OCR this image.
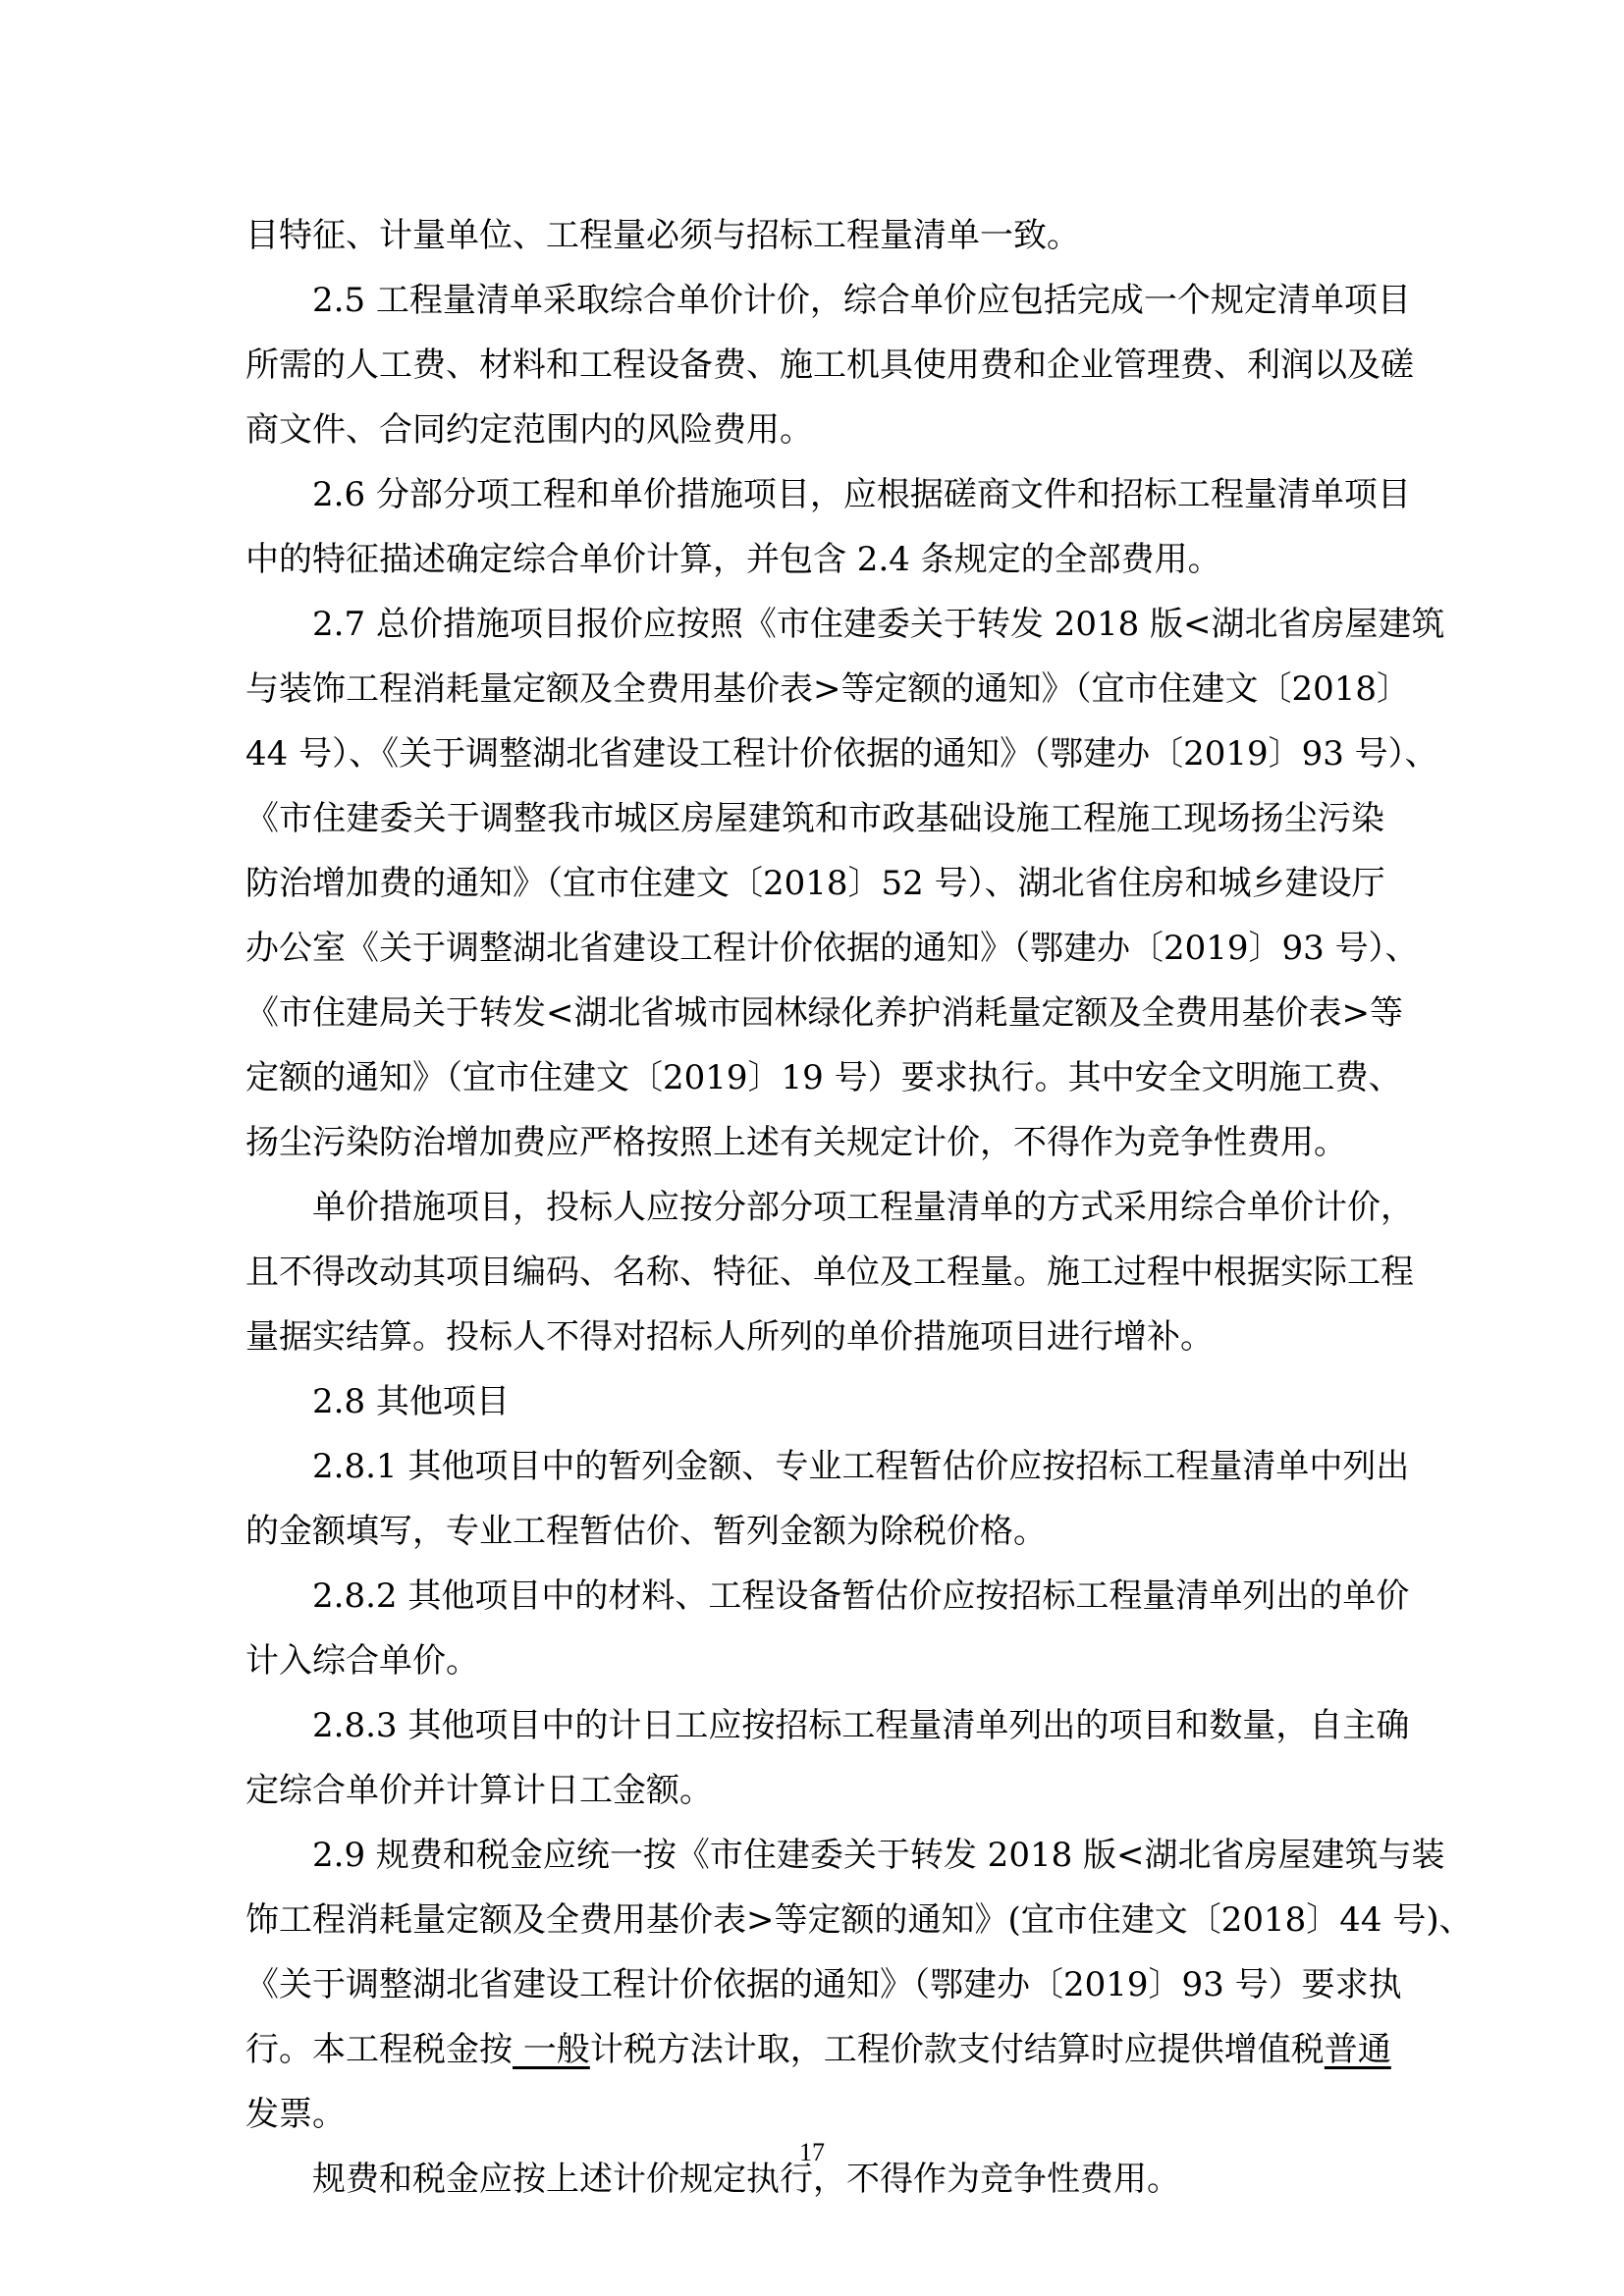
目特征、计量单位、工程量必须与招标工程量清单一致。
2.5 工程量清单采取综合单价计价，综合单价应包括完成一个规定清单项目
所需的人工费、材料和工程设备费、施工机具使用费和企业管理费、利润以及磋
商文件、合同约定范围内的风险费用。
2.6 分部分项工程和单价措施项目，应根据磋商文件和招标工程量清单项目
中的特征描述确定综合单价计算，并包含 2.4 条规定的全部费用。
2.7 总价措施项目报价应按照《市住建委关于转发 2018 版<湖北省房屋建筑
与装饰工程消耗量定额及全费用基价表>等定额的通知》（宜市住建文〔2018〕
44 号）、《关于调整湖北省建设工程计价依据的通知》（鄂建办〔2019〕93 号）、
《市住建委关于调整我市城区房屋建筑和市政基础设施工程施工现场扬尘污染
防治增加费的通知》（宜市住建文〔2018〕52 号）、湖北省住房和城乡建设厅
办公室《关于调整湖北省建设工程计价依据的通知》（鄂建办〔2019〕93 号）、
《市住建局关于转发<湖北省城市园林绿化养护消耗量定额及全费用基价表>等
定额的通知》（宜市住建文〔2019〕19 号）要求执行。其中安全文明施工费、
扬尘污染防治增加费应严格按照上述有关规定计价，不得作为竞争性费用。
单价措施项目，投标人应按分部分项工程量清单的方式采用综合单价计价，
且不得改动其项目编码、名称、特征、单位及工程量。施工过程中根据实际工程
量据实结算。投标人不得对招标人所列的单价措施项目进行增补。
2.8 其他项目
2.8.1 其他项目中的暂列金额、专业工程暂估价应按招标工程量清单中列出
的金额填写，专业工程暂估价、暂列金额为除税价格。
2.8.2 其他项目中的材料、工程设备暂估价应按招标工程量清单列出的单价
计入综合单价。
2.8.3 其他项目中的计日工应按招标工程量清单列出的项目和数量，自主确
定综合单价并计算计日工金额。
2.9 规费和税金应统一按《市住建委关于转发 2018 版<湖北省房屋建筑与装
饰工程消耗量定额及全费用基价表>等定额的通知》(宜市住建文〔2018〕44 号)、
《关于调整湖北省建设工程计价依据的通知》（鄂建办〔2019〕93 号）要求执
行。本工程税金按 一般计税方法计取，工程价款支付结算时应提供增值税普通
发票。
规费和税金应按上述计价规定执行，不得作为竞争性费用。
17
